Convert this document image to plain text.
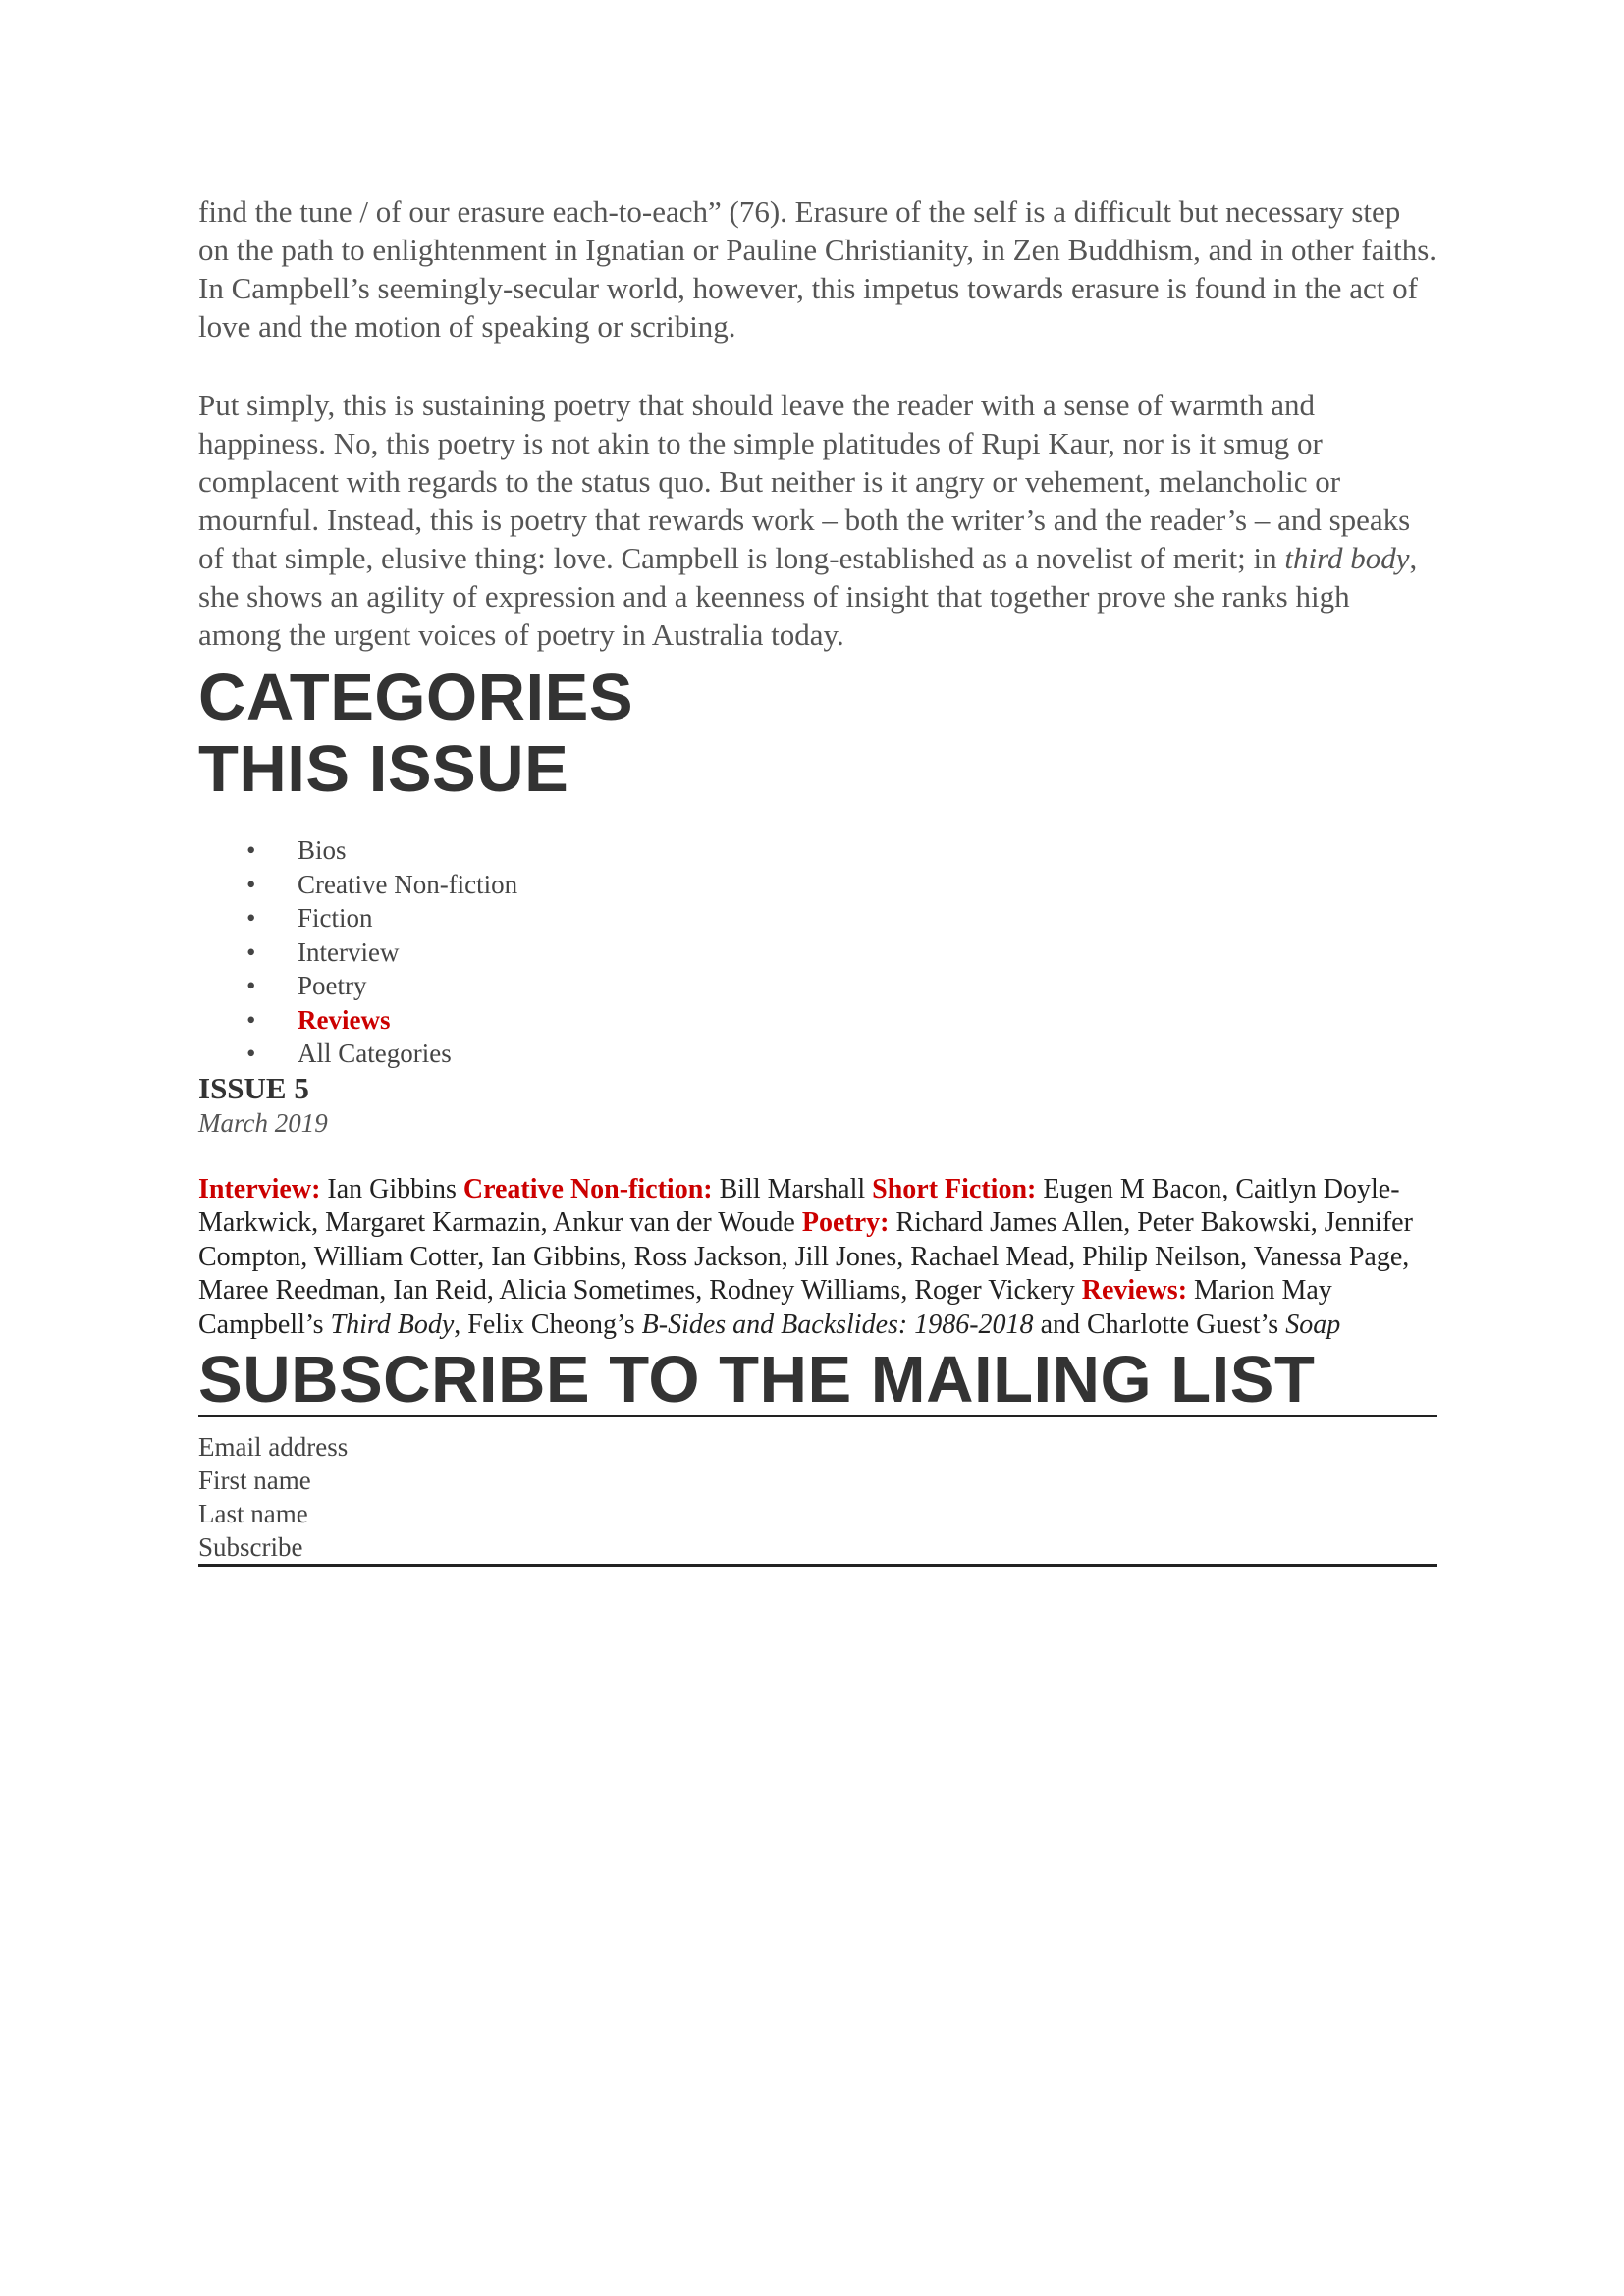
find the tune / of our erasure each-to-each” (76). Erasure of the self is a difficult but necessary step on the path to enlightenment in Ignatian or Pauline Christianity, in Zen Buddhism, and in other faiths. In Campbell’s seemingly-secular world, however, this impetus towards erasure is found in the act of love and the motion of speaking or scribing.

Put simply, this is sustaining poetry that should leave the reader with a sense of warmth and happiness. No, this poetry is not akin to the simple platitudes of Rupi Kaur, nor is it smug or complacent with regards to the status quo. But neither is it angry or vehement, melancholic or mournful. Instead, this is poetry that rewards work – both the writer’s and the reader’s – and speaks of that simple, elusive thing: love. Campbell is long-established as a novelist of merit; in third body, she shows an agility of expression and a keenness of insight that together prove she ranks high among the urgent voices of poetry in Australia today.

CATEGORIES
THIS ISSUE
• Bios
• Creative Non-fiction
• Fiction
• Interview
• Poetry
• Reviews
• All Categories

ISSUE 5

March 2019

Interview: Ian Gibbins Creative Non-fiction: Bill Marshall Short Fiction: Eugen M Bacon, Caitlyn Doyle-Markwick, Margaret Karmazin, Ankur van der Woude Poetry: Richard James Allen, Peter Bakowski, Jennifer Compton, William Cotter, Ian Gibbins, Ross Jackson, Jill Jones, Rachael Mead, Philip Neilson, Vanessa Page, Maree Reedman, Ian Reid, Alicia Sometimes, Rodney Williams, Roger Vickery Reviews: Marion May Campbell’s Third Body, Felix Cheong’s B-Sides and Backslides: 1986-2018 and Charlotte Guest’s Soap

SUBSCRIBE TO THE MAILING LIST
Email address
First name
Last name
Subscribe
